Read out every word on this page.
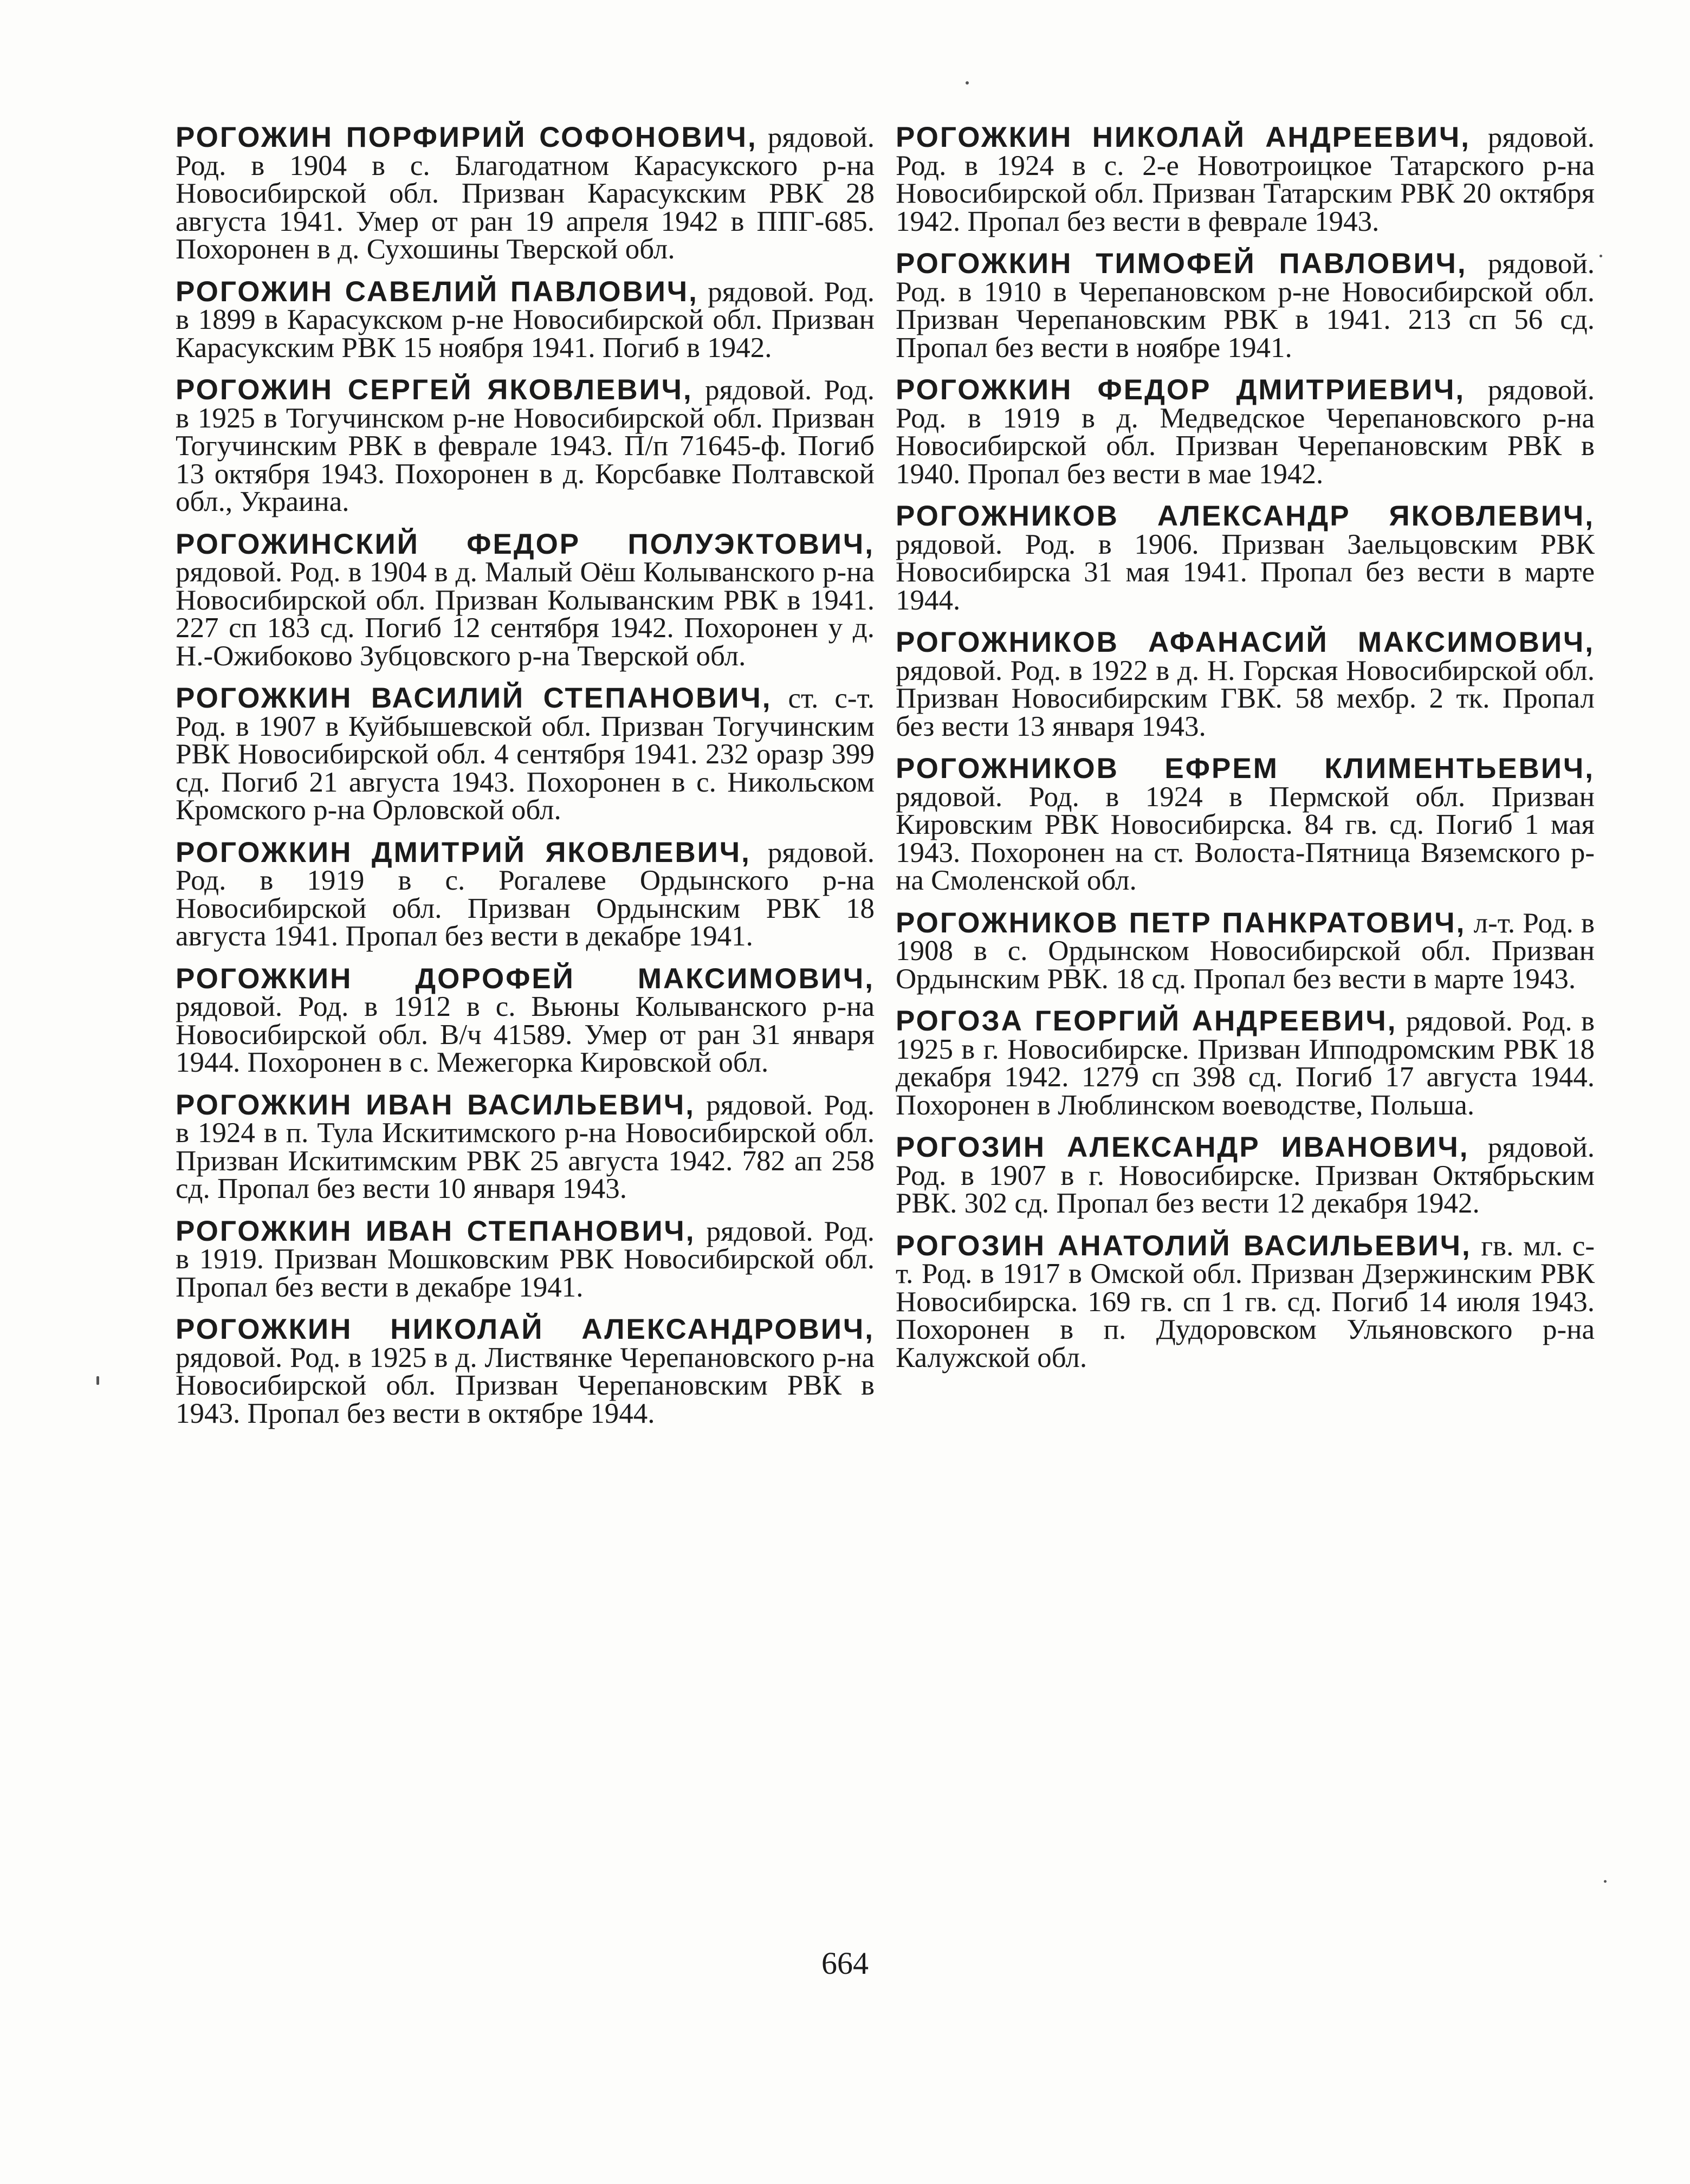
РОГОЖИН ПОРФИРИЙ СОФОНОВИЧ, рядовой. Род. в 1904 в с. Благодатном Карасукского р-на Новосибирской обл. Призван Карасукским РВК 28 августа 1941. Умер от ран 19 апреля 1942 в ППГ-685. Похоронен в д. Сухошины Тверской обл.

РОГОЖИН САВЕЛИЙ ПАВЛОВИЧ, рядовой. Род. в 1899 в Карасукском р-не Новосибирской обл. Призван Карасукским РВК 15 ноября 1941. Погиб в 1942.

РОГОЖИН СЕРГЕЙ ЯКОВЛЕВИЧ, рядовой. Род. в 1925 в Тогучинском р-не Новосибирской обл. Призван Тогучинским РВК в феврале 1943. П/п 71645-ф. Погиб 13 октября 1943. Похоронен в д. Корсбавке Полтавской обл., Украина.

РОГОЖИНСКИЙ ФЕДОР ПОЛУЭКТОВИЧ, рядовой. Род. в 1904 в д. Малый Оёш Колыванского р-на Новосибирской обл. Призван Колыванским РВК в 1941. 227 сп 183 сд. Погиб 12 сентября 1942. Похоронен у д. Н.-Ожибоково Зубцовского р-на Тверской обл.

РОГОЖКИН ВАСИЛИЙ СТЕПАНОВИЧ, ст. с-т. Род. в 1907 в Куйбышевской обл. Призван Тогучинским РВК Новосибирской обл. 4 сентября 1941. 232 оразр 399 сд. Погиб 21 августа 1943. Похоронен в с. Никольском Кромского р-на Орловской обл.

РОГОЖКИН ДМИТРИЙ ЯКОВЛЕВИЧ, рядовой. Род. в 1919 в с. Рогалеве Ордынского р-на Новосибирской обл. Призван Ордынским РВК 18 августа 1941. Пропал без вести в декабре 1941.

РОГОЖКИН ДОРОФЕЙ МАКСИМОВИЧ, рядовой. Род. в 1912 в с. Вьюны Колыванского р-на Новосибирской обл. В/ч 41589. Умер от ран 31 января 1944. Похоронен в с. Межегорка Кировской обл.

РОГОЖКИН ИВАН ВАСИЛЬЕВИЧ, рядовой. Род. в 1924 в п. Тула Искитимского р-на Новосибирской обл. Призван Искитимским РВК 25 августа 1942. 782 ап 258 сд. Пропал без вести 10 января 1943.

РОГОЖКИН ИВАН СТЕПАНОВИЧ, рядовой. Род. в 1919. Призван Мошковским РВК Новосибирской обл. Пропал без вести в декабре 1941.

РОГОЖКИН НИКОЛАЙ АЛЕКСАНДРОВИЧ, рядовой. Род. в 1925 в д. Листвянке Черепановского р-на Новосибирской обл. Призван Черепановским РВК в 1943. Пропал без вести в октябре 1944.

РОГОЖКИН НИКОЛАЙ АНДРЕЕВИЧ, рядовой. Род. в 1924 в с. 2-е Новотроицкое Татарского р-на Новосибирской обл. Призван Татарским РВК 20 октября 1942. Пропал без вести в феврале 1943.

РОГОЖКИН ТИМОФЕЙ ПАВЛОВИЧ, рядовой. Род. в 1910 в Черепановском р-не Новосибирской обл. Призван Черепановским РВК в 1941. 213 сп 56 сд. Пропал без вести в ноябре 1941.

РОГОЖКИН ФЕДОР ДМИТРИЕВИЧ, рядовой. Род. в 1919 в д. Медведское Черепановского р-на Новосибирской обл. Призван Черепановским РВК в 1940. Пропал без вести в мае 1942.

РОГОЖНИКОВ АЛЕКСАНДР ЯКОВЛЕВИЧ, рядовой. Род. в 1906. Призван Заельцовским РВК Новосибирска 31 мая 1941. Пропал без вести в марте 1944.

РОГОЖНИКОВ АФАНАСИЙ МАКСИМОВИЧ, рядовой. Род. в 1922 в д. Н. Горская Новосибирской обл. Призван Новосибирским ГВК. 58 мехбр. 2 тк. Пропал без вести 13 января 1943.

РОГОЖНИКОВ ЕФРЕМ КЛИМЕНТЬЕВИЧ, рядовой. Род. в 1924 в Пермской обл. Призван Кировским РВК Новосибирска. 84 гв. сд. Погиб 1 мая 1943. Похоронен на ст. Волоста-Пятница Вяземского р-на Смоленской обл.

РОГОЖНИКОВ ПЕТР ПАНКРАТОВИЧ, л-т. Род. в 1908 в с. Ордынском Новосибирской обл. Призван Ордынским РВК. 18 сд. Пропал без вести в марте 1943.

РОГОЗА ГЕОРГИЙ АНДРЕЕВИЧ, рядовой. Род. в 1925 в г. Новосибирске. Призван Ипподромским РВК 18 декабря 1942. 1279 сп 398 сд. Погиб 17 августа 1944. Похоронен в Люблинском воеводстве, Польша.

РОГОЗИН АЛЕКСАНДР ИВАНОВИЧ, рядовой. Род. в 1907 в г. Новосибирске. Призван Октябрьским РВК. 302 сд. Пропал без вести 12 декабря 1942.

РОГОЗИН АНАТОЛИЙ ВАСИЛЬЕВИЧ, гв. мл. с-т. Род. в 1917 в Омской обл. Призван Дзержинским РВК Новосибирска. 169 гв. сп 1 гв. сд. Погиб 14 июля 1943. Похоронен в п. Дудоровском Ульяновского р-на Калужской обл.

664
